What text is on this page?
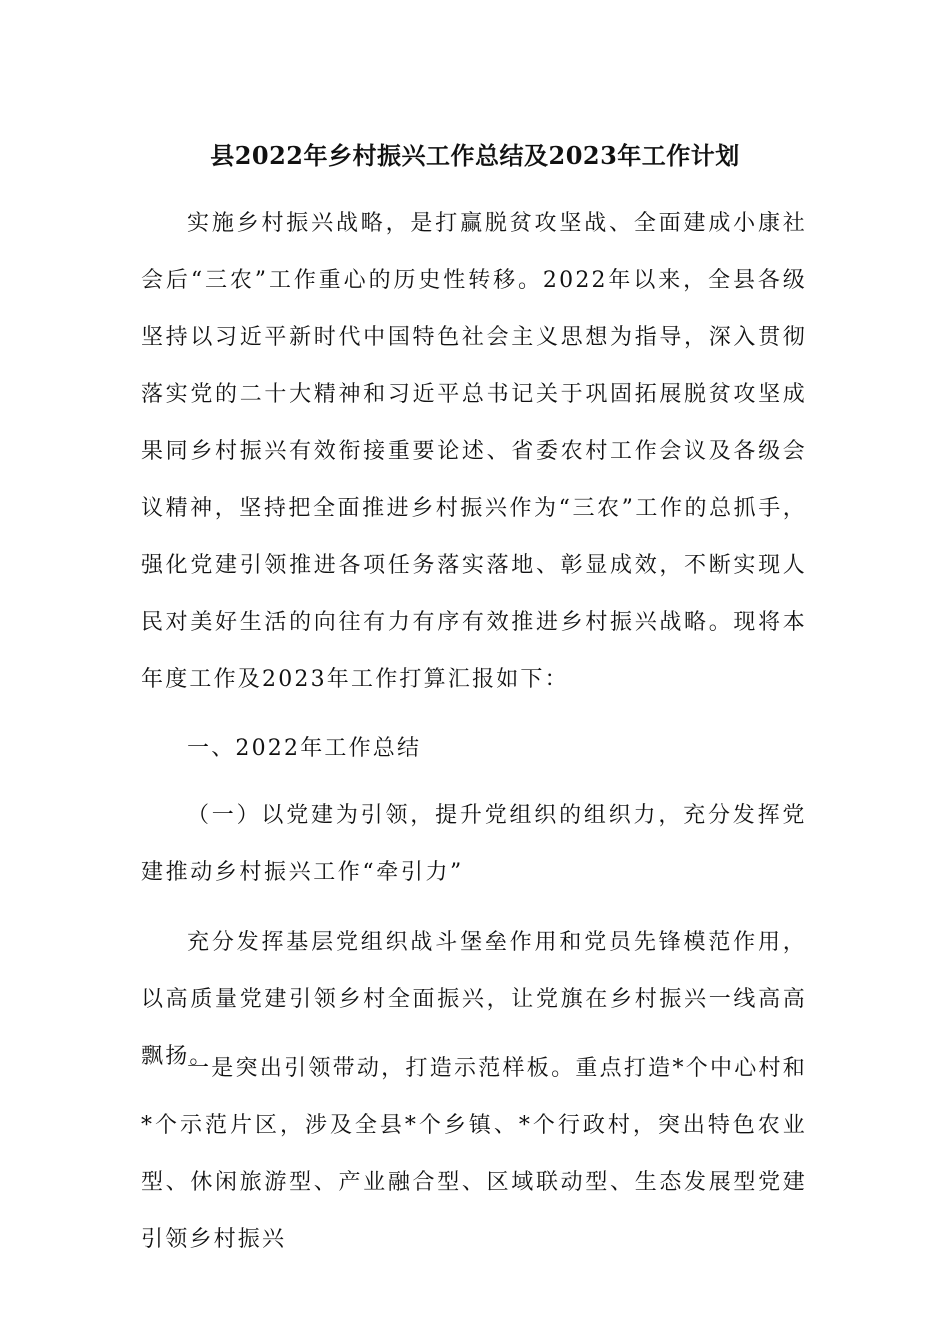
县2022年乡村振兴工作总结及2023年工作计划

实施乡村振兴战略，是打赢脱贫攻坚战、全面建成小康社会后“三农”工作重心的历史性转移。2022年以来，全县各级坚持以习近平新时代中国特色社会主义思想为指导，深入贯彻落实党的二十大精神和习近平总书记关于巩固拓展脱贫攻坚成果同乡村振兴有效衔接重要论述、省委农村工作会议及各级会议精神，坚持把全面推进乡村振兴作为“三农”工作的总抓手，强化党建引领推进各项任务落实落地、彰显成效，不断实现人民对美好生活的向往有力有序有效推进乡村振兴战略。现将本年度工作及2023年工作打算汇报如下：

一、2022年工作总结

（一）以党建为引领，提升党组织的组织力，充分发挥党建推动乡村振兴工作“牵引力”

充分发挥基层党组织战斗堡垒作用和党员先锋模范作用，以高质量党建引领乡村全面振兴，让党旗在乡村振兴一线高高飘扬。

一是突出引领带动，打造示范样板。重点打造*个中心村和*个示范片区，涉及全县*个乡镇、*个行政村，突出特色农业型、休闲旅游型、产业融合型、区域联动型、生态发展型党建引领乡村振兴
